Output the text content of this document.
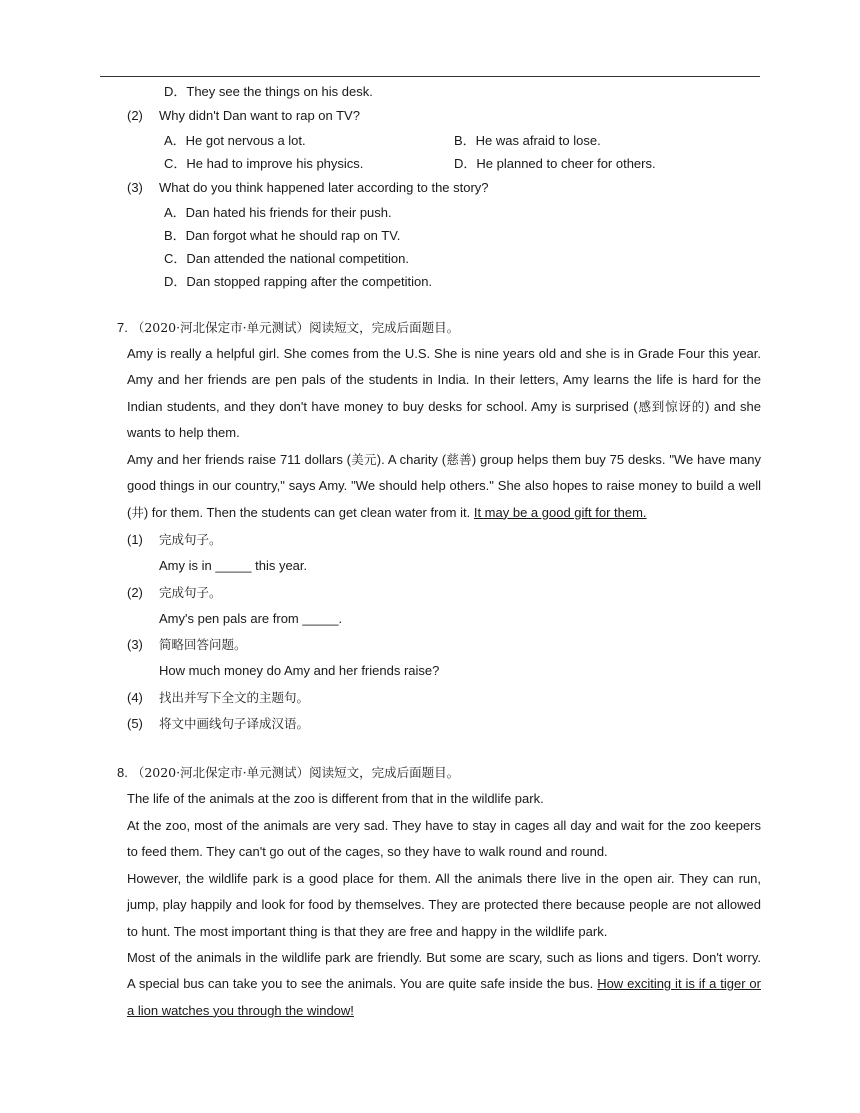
D．They see the things on his desk.
(2) Why didn't Dan want to rap on TV?
A．He got nervous a lot.	B．He was afraid to lose.
C．He had to improve his physics.	D．He planned to cheer for others.
(3) What do you think happened later according to the story?
A．Dan hated his friends for their push.
B．Dan forgot what he should rap on TV.
C．Dan attended the national competition.
D．Dan stopped rapping after the competition.
7. （2020·河北保定市·单元测试）阅读短文，完成后面题目。
Amy is really a helpful girl. She comes from the U.S. She is nine years old and she is in Grade Four this year. Amy and her friends are pen pals of the students in India. In their letters, Amy learns the life is hard for the Indian students, and they don't have money to buy desks for school. Amy is surprised (感到惊讶的) and she wants to help them.
Amy and her friends raise 711 dollars (美元). A charity (慈善) group helps them buy 75 desks. "We have many good things in our country," says Amy. "We should help others." She also hopes to raise money to build a well (井) for them. Then the students can get clean water from it. It may be a good gift for them.
(1) 完成句子。
Amy is in _____ this year.
(2) 完成句子。
Amy's pen pals are from _____.
(3) 简略回答问题。
How much money do Amy and her friends raise?
(4) 找出并写下全文的主题句。
(5) 将文中画线句子译成汉语。
8. （2020·河北保定市·单元测试）阅读短文，完成后面题目。
The life of the animals at the zoo is different from that in the wildlife park.
At the zoo, most of the animals are very sad. They have to stay in cages all day and wait for the zoo keepers to feed them. They can't go out of the cages, so they have to walk round and round.
However, the wildlife park is a good place for them. All the animals there live in the open air. They can run, jump, play happily and look for food by themselves. They are protected there because people are not allowed to hunt. The most important thing is that they are free and happy in the wildlife park.
Most of the animals in the wildlife park are friendly. But some are scary, such as lions and tigers. Don't worry. A special bus can take you to see the animals. You are quite safe inside the bus. How exciting it is if a tiger or a lion watches you through the window!
